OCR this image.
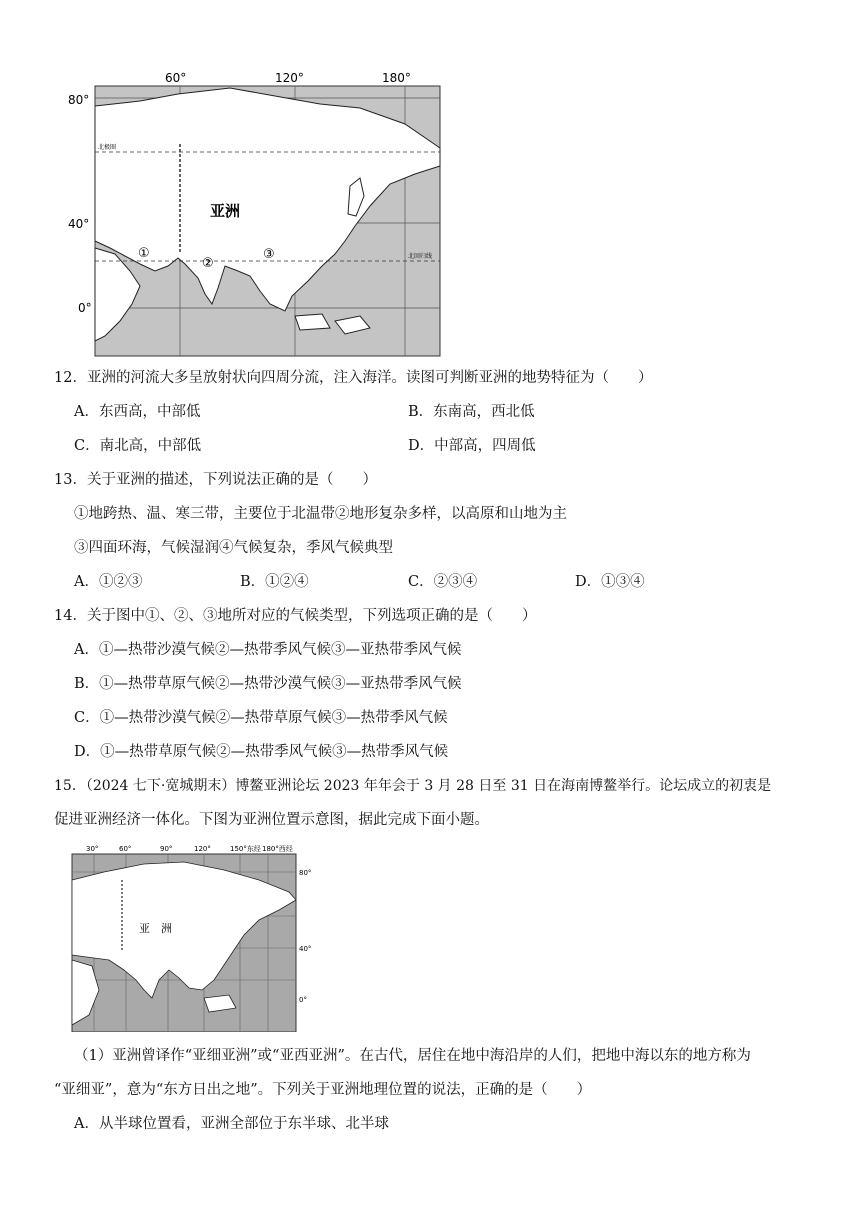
60°	120°	180°
80°
40°
0°
亚洲
北极圈
北回归线
①
②
③
12．亚洲的河流大多呈放射状向四周分流，注入海洋。读图可判断亚洲的地势特征为（　　）
A．东西高，中部低	B．东南高，西北低
C．南北高，中部低	D．中部高，四周低
13．关于亚洲的描述，下列说法正确的是（　　）
①地跨热、温、寒三带，主要位于北温带②地形复杂多样，以高原和山地为主
③四面环海，气候湿润④气候复杂，季风气候典型
A．①②③	B．①②④	C．②③④	D．①③④
14．关于图中①、②、③地所对应的气候类型，下列选项正确的是（　　）
A．①—热带沙漠气候②—热带季风气候③—亚热带季风气候
B．①—热带草原气候②—热带沙漠气候③—亚热带季风气候
C．①—热带沙漠气候②—热带草原气候③—热带季风气候
D．①—热带草原气候②—热带季风气候③—热带季风气候
15．（2024 七下·宽城期末）博鳌亚洲论坛 2023 年年会于 3 月 28 日至 31 日在海南博鳌举行。论坛成立的初衷是
促进亚洲经济一体化。下图为亚洲位置示意图，据此完成下面小题。
30°	60°	90°	120°	150°东经 180°西经
80°
40°
0°
亚　洲
（1）亚洲曾译作“亚细亚洲”或“亚西亚洲”。在古代，居住在地中海沿岸的人们，把地中海以东的地方称为
“亚细亚”，意为“东方日出之地”。下列关于亚洲地理位置的说法，正确的是（　　）
A．从半球位置看，亚洲全部位于东半球、北半球
